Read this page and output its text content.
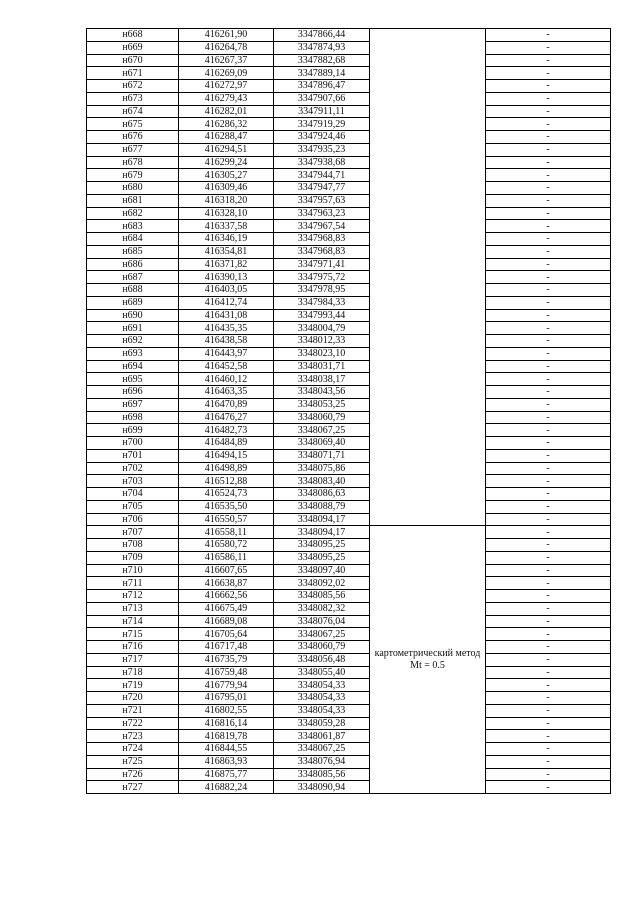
н668	416261,90	3347866,44		-
н669	416264,78	3347874,93		-
н670	416267,37	3347882,68		-
н671	416269,09	3347889,14		-
н672	416272,97	3347896,47		-
н673	416279,43	3347907,66		-
н674	416282,01	3347911,11		-
н675	416286,32	3347919,29		-
н676	416288,47	3347924,46		-
н677	416294,51	3347935,23		-
н678	416299,24	3347938,68		-
н679	416305,27	3347944,71		-
н680	416309,46	3347947,77		-
н681	416318,20	3347957,63		-
н682	416328,10	3347963,23		-
н683	416337,58	3347967,54		-
н684	416346,19	3347968,83		-
н685	416354,81	3347968,83		-
н686	416371,82	3347971,41		-
н687	416390,13	3347975,72		-
н688	416403,05	3347978,95		-
н689	416412,74	3347984,33		-
н690	416431,08	3347993,44		-
н691	416435,35	3348004,79		-
н692	416438,58	3348012,33		-
н693	416443,97	3348023,10		-
н694	416452,58	3348031,71		-
н695	416460,12	3348038,17		-
н696	416463,35	3348043,56		-
н697	416470,89	3348053,25		-
н698	416476,27	3348060,79		-
н699	416482,73	3348067,25		-
н700	416484,89	3348069,40		-
н701	416494,15	3348071,71		-
н702	416498,89	3348075,86		-
н703	416512,88	3348083,40		-
н704	416524,73	3348086,63		-
н705	416535,50	3348088,79		-
н706	416550,57	3348094,17		-
н707	416558,11	3348094,17	картометрический метод Mt = 0.5	-
н708	416580,72	3348095,25		-
н709	416586,11	3348095,25		-
н710	416607,65	3348097,40		-
н711	416638,87	3348092,02		-
н712	416662,56	3348085,56		-
н713	416675,49	3348082,32		-
н714	416689,08	3348076,04		-
н715	416705,64	3348067,25		-
н716	416717,48	3348060,79		-
н717	416735,79	3348056,48		-
н718	416759,48	3348055,40		-
н719	416779,94	3348054,33		-
н720	416795,01	3348054,33		-
н721	416802,55	3348054,33		-
н722	416816,14	3348059,28		-
н723	416819,78	3348061,87		-
н724	416844,55	3348067,25		-
н725	416863,93	3348076,94		-
н726	416875,77	3348085,56		-
н727	416882,24	3348090,94		-
